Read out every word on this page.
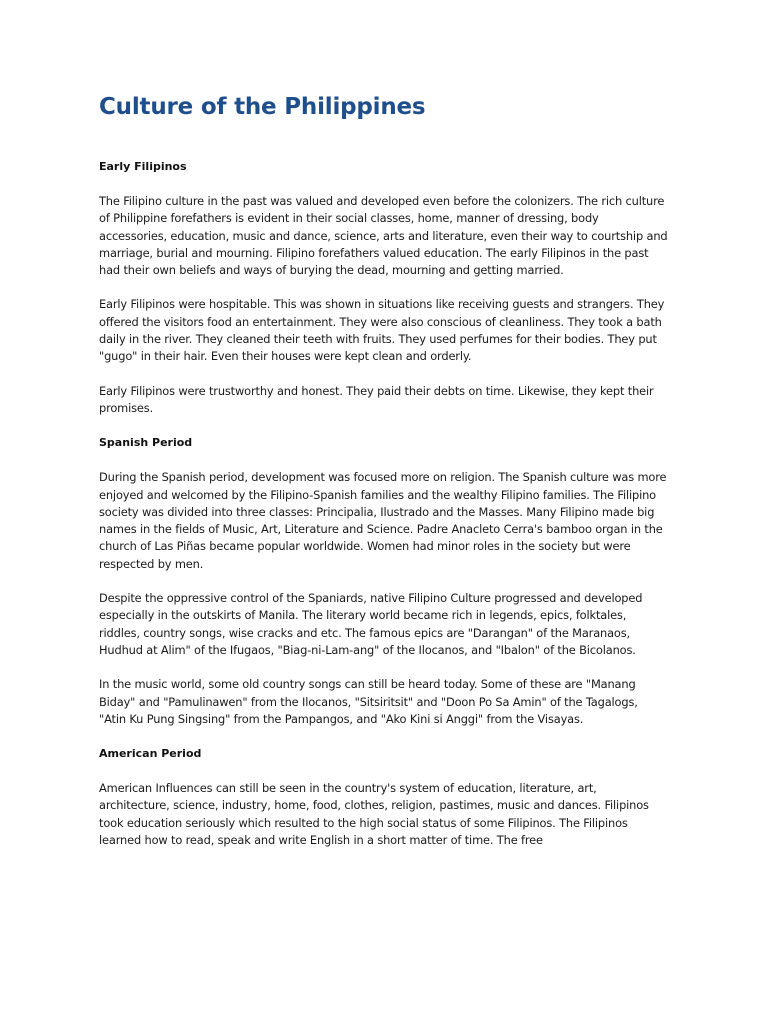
Culture of the Philippines
Early Filipinos

The Filipino culture in the past was valued and developed even before the colonizers. The rich culture of Philippine forefathers is evident in their social classes, home, manner of dressing, body accessories, education, music and dance, science, arts and literature, even their way to courtship and marriage, burial and mourning. Filipino forefathers valued education. The early Filipinos in the past had their own beliefs and ways of burying the dead, mourning and getting married.

Early Filipinos were hospitable. This was shown in situations like receiving guests and strangers. They offered the visitors food an entertainment. They were also conscious of cleanliness. They took a bath daily in the river. They cleaned their teeth with fruits. They used perfumes for their bodies. They put "gugo" in their hair. Even their houses were kept clean and orderly.

Early Filipinos were trustworthy and honest. They paid their debts on time. Likewise, they kept their promises.

Spanish Period

During the Spanish period, development was focused more on religion. The Spanish culture was more enjoyed and welcomed by the Filipino-Spanish families and the wealthy Filipino families. The Filipino society was divided into three classes: Principalia, Ilustrado and the Masses. Many Filipino made big names in the fields of Music, Art, Literature and Science. Padre Anacleto Cerra's bamboo organ in the church of Las Piñas became popular worldwide. Women had minor roles in the society but were respected by men.

Despite the oppressive control of the Spaniards, native Filipino Culture progressed and developed especially in the outskirts of Manila. The literary world became rich in legends, epics, folktales, riddles, country songs, wise cracks and etc. The famous epics are "Darangan" of the Maranaos, Hudhud at Alim" of the Ifugaos, "Biag-ni-Lam-ang" of the Ilocanos, and "Ibalon" of the Bicolanos.

In the music world, some old country songs can still be heard today. Some of these are "Manang Biday" and "Pamulinawen" from the Ilocanos, "Sitsiritsit" and "Doon Po Sa Amin" of the Tagalogs, "Atin Ku Pung Singsing" from the Pampangos, and "Ako Kini si Anggi" from the Visayas.

American Period

American Influences can still be seen in the country's system of education, literature, art, architecture, science, industry, home, food, clothes, religion, pastimes, music and dances. Filipinos took education seriously which resulted to the high social status of some Filipinos. The Filipinos learned how to read, speak and write English in a short matter of time. The free
